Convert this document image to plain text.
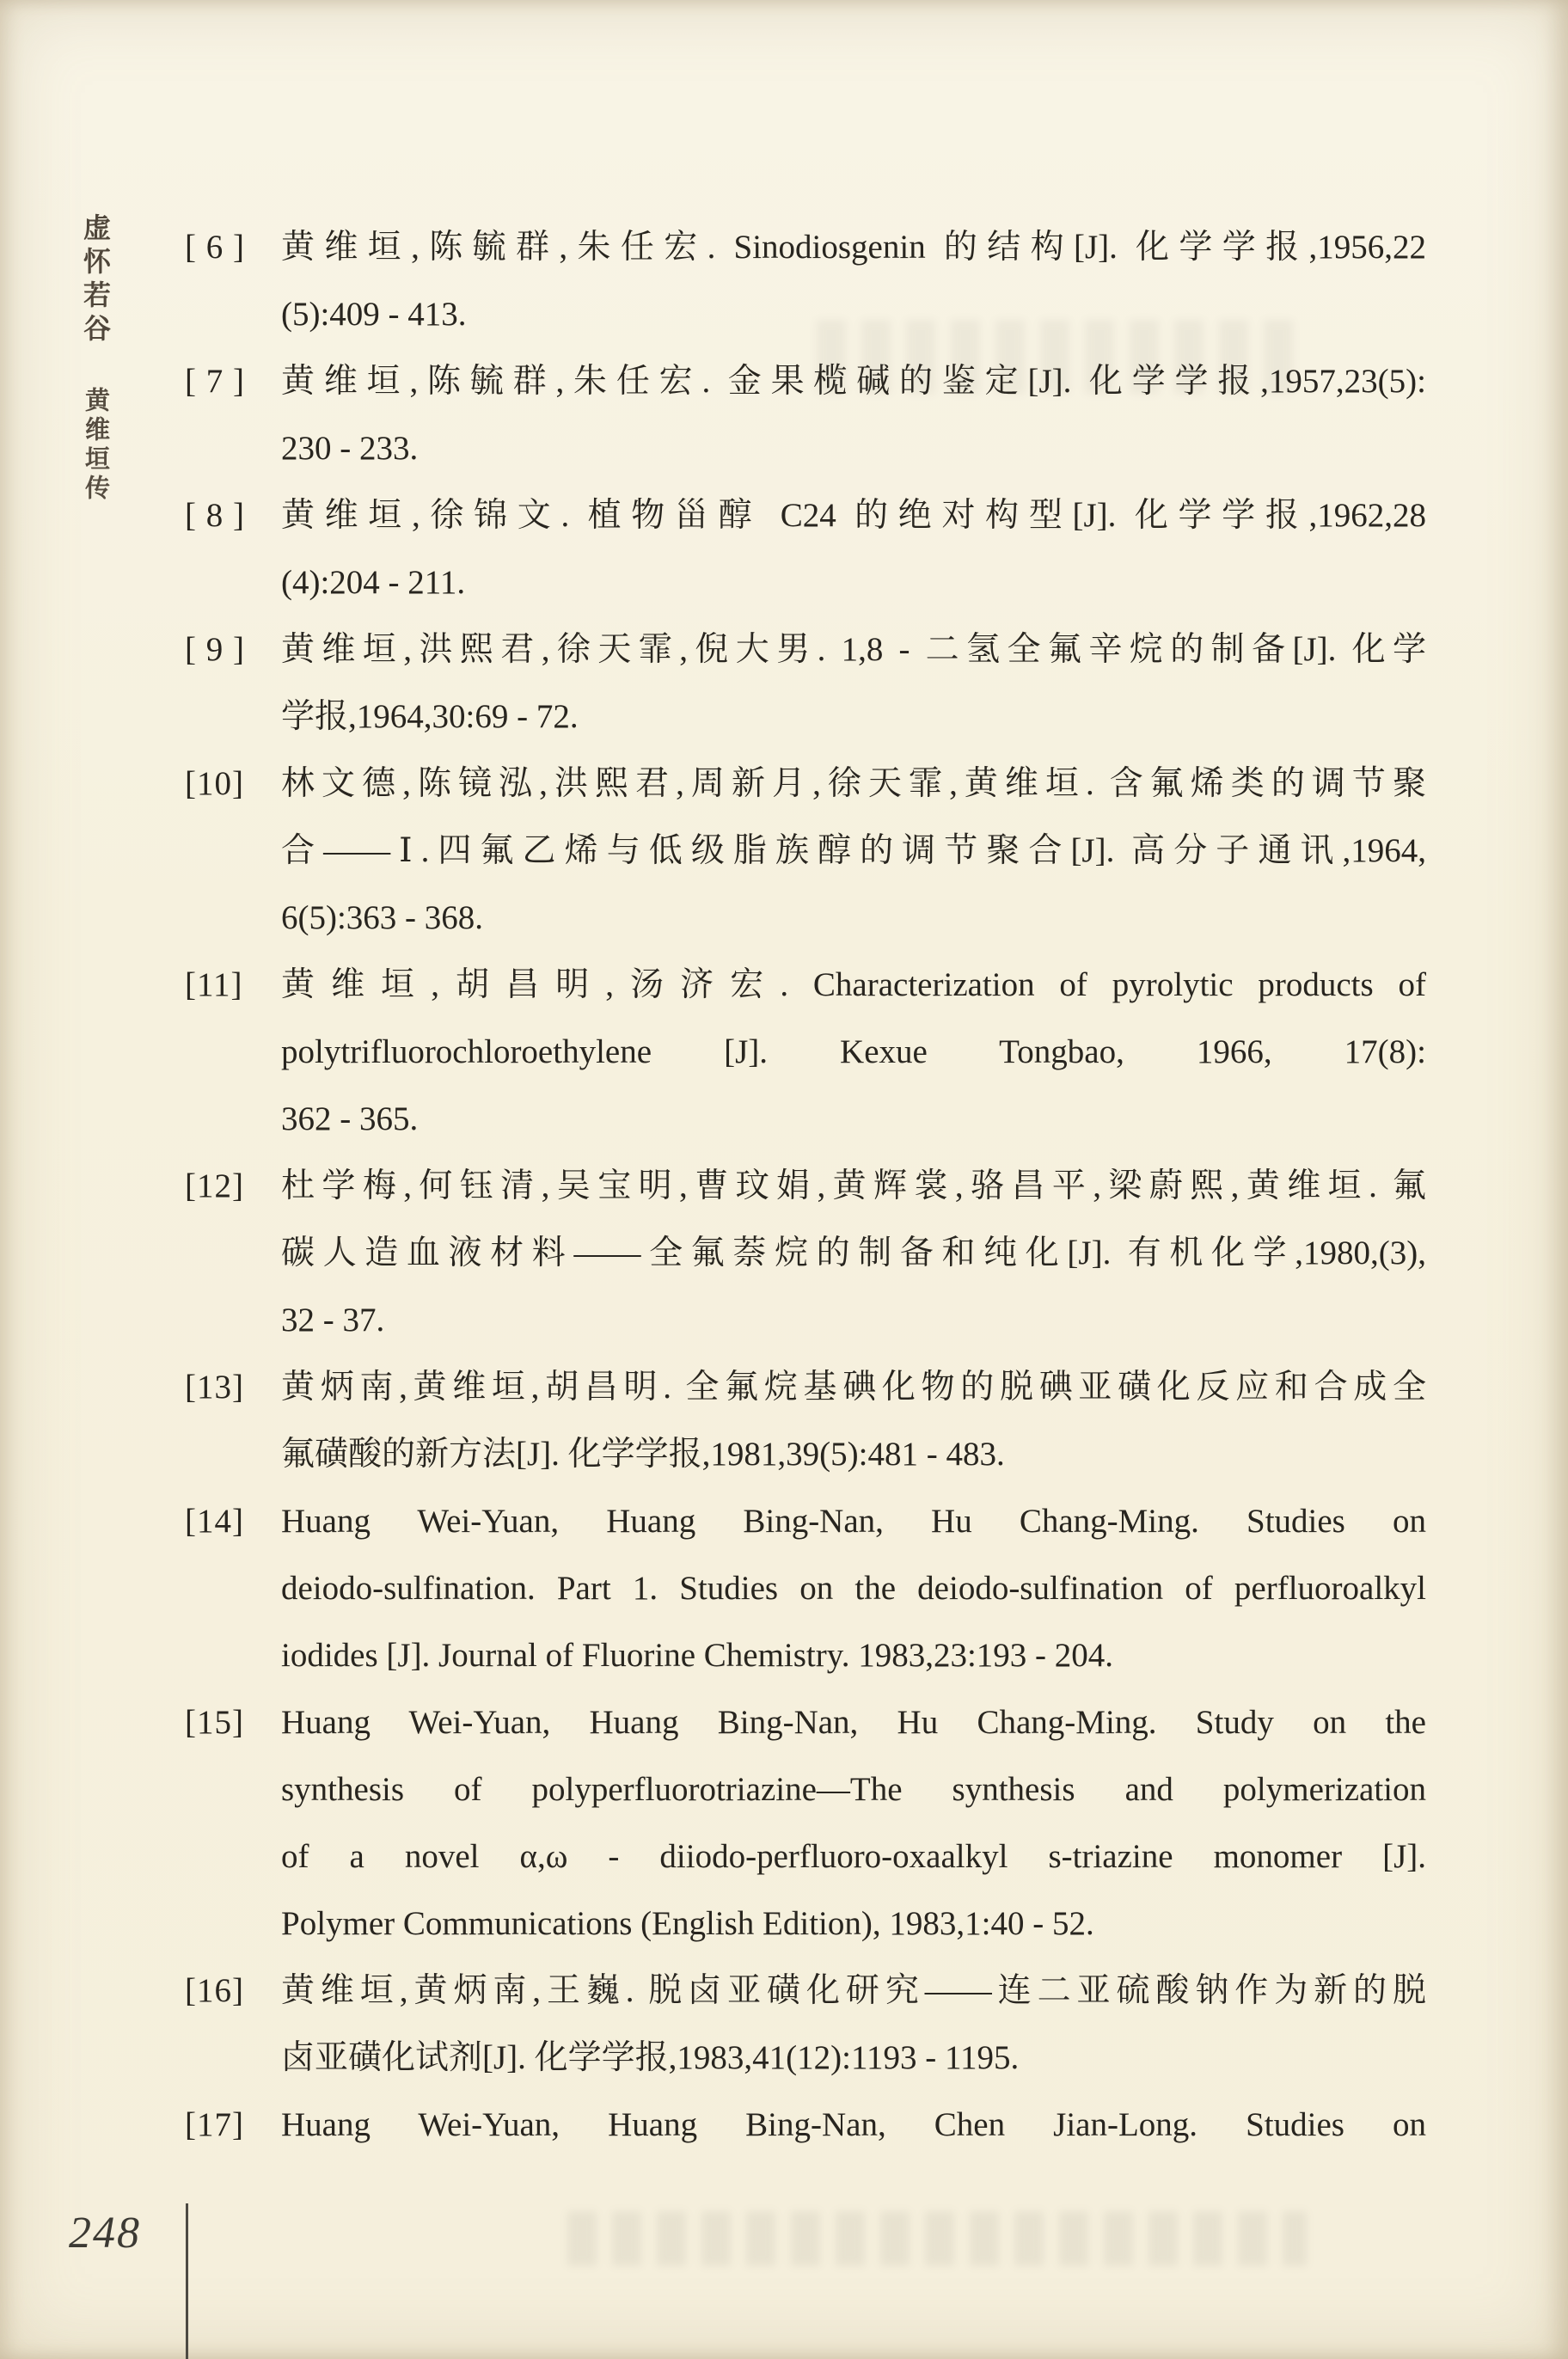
虚怀若谷黄维垣传
[ 6 ]	黄维垣,陈毓群,朱任宏. Sinodiosgenin 的结构[J]. 化学学报,1956,22
(5):409 - 413.
[ 7 ]	黄维垣,陈毓群,朱任宏. 金果榄碱的鉴定[J]. 化学学报,1957,23(5):
230 - 233.
[ 8 ]	黄维垣,徐锦文. 植物甾醇 C24 的绝对构型[J]. 化学学报,1962,28
(4):204 - 211.
[ 9 ]	黄维垣,洪熙君,徐天霏,倪大男. 1,8 - 二氢全氟辛烷的制备[J]. 化学
学报,1964,30:69 - 72.
[10]	林文德,陈镜泓,洪熙君,周新月,徐天霏,黄维垣. 含氟烯类的调节聚
合——Ⅰ.四氟乙烯与低级脂族醇的调节聚合[J]. 高分子通讯,1964,
6(5):363 - 368.
[11]	黄维垣,胡昌明,汤济宏. Characterization of pyrolytic products of
polytrifluorochloroethylene [J]. Kexue Tongbao, 1966, 17(8):
362 - 365.
[12]	杜学梅,何钰清,吴宝明,曹玟娟,黄辉裳,骆昌平,梁蔚熙,黄维垣. 氟
碳人造血液材料——全氟萘烷的制备和纯化[J]. 有机化学,1980,(3),
32 - 37.
[13]	黄炳南,黄维垣,胡昌明. 全氟烷基碘化物的脱碘亚磺化反应和合成全
氟磺酸的新方法[J]. 化学学报,1981,39(5):481 - 483.
[14]	Huang Wei-Yuan, Huang Bing-Nan, Hu Chang-Ming. Studies on
deiodo-sulfination. Part 1. Studies on the deiodo-sulfination of perfluoroalkyl
iodides [J]. Journal of Fluorine Chemistry. 1983,23:193 - 204.
[15]	Huang Wei-Yuan, Huang Bing-Nan, Hu Chang-Ming. Study on the
synthesis of polyperfluorotriazine—The synthesis and polymerization
of a novel α,ω - diiodo-perfluoro-oxaalkyl s-triazine monomer [J].
Polymer Communications (English Edition), 1983,1:40 - 52.
[16]	黄维垣,黄炳南,王巍. 脱卤亚磺化研究——连二亚硫酸钠作为新的脱
卤亚磺化试剂[J]. 化学学报,1983,41(12):1193 - 1195.
[17]	Huang Wei-Yuan, Huang Bing-Nan, Chen Jian-Long. Studies on
248
